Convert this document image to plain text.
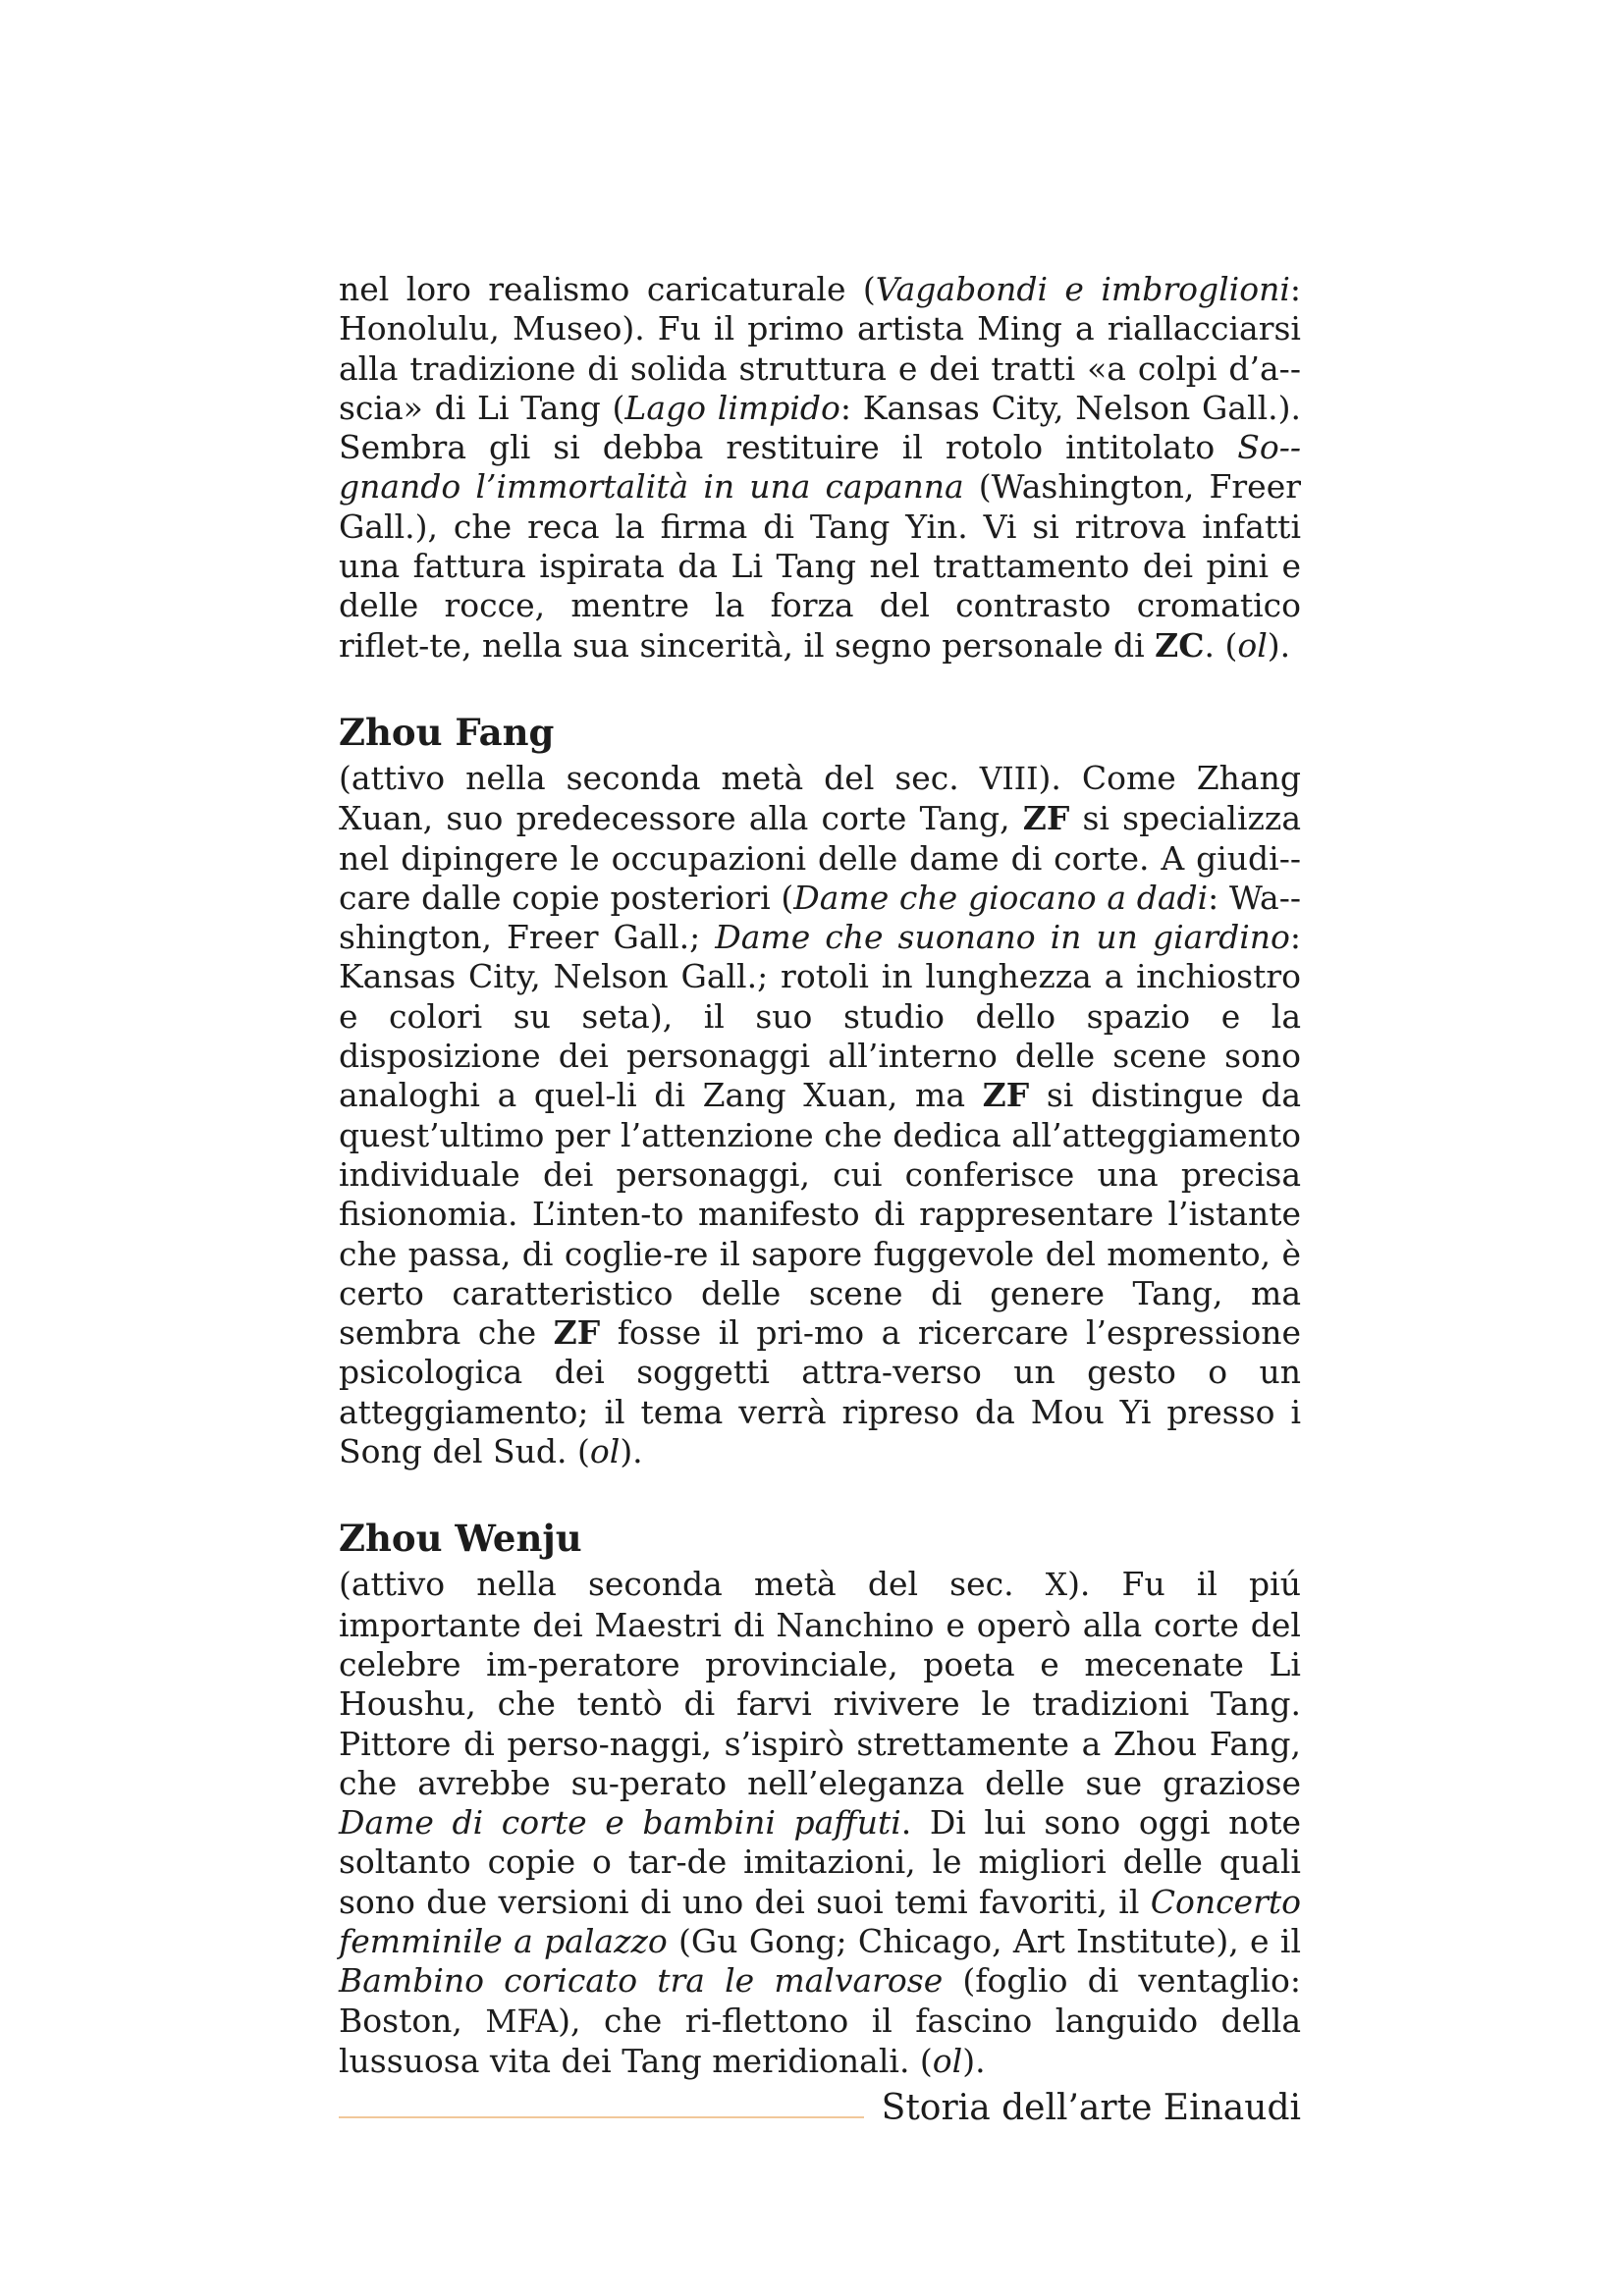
nel loro realismo caricaturale (Vagabondi e imbroglioni: Honolulu, Museo). Fu il primo artista Ming a riallacciarsi alla tradizione di solida struttura e dei tratti «a colpi d’a-scia» di Li Tang (Lago limpido: Kansas City, Nelson Gall.). Sembra gli si debba restituire il rotolo intitolato So-gnando l’immortalità in una capanna (Washington, Freer Gall.), che reca la firma di Tang Yin. Vi si ritrova infatti una fattura ispirata da Li Tang nel trattamento dei pini e delle rocce, mentre la forza del contrasto cromatico riflet-te, nella sua sincerità, il segno personale di ZC. (ol).

Zhou Fang

(attivo nella seconda metà del sec. VIII). Come Zhang Xuan, suo predecessore alla corte Tang, ZF si specializza nel dipingere le occupazioni delle dame di corte. A giudi-care dalle copie posteriori (Dame che giocano a dadi: Wa-shington, Freer Gall.; Dame che suonano in un giardino: Kansas City, Nelson Gall.; rotoli in lunghezza a inchiostro e colori su seta), il suo studio dello spazio e la disposizione dei personaggi all’interno delle scene sono analoghi a quel-li di Zang Xuan, ma ZF si distingue da quest’ultimo per l’attenzione che dedica all’atteggiamento individuale dei personaggi, cui conferisce una precisa fisionomia. L’inten-to manifesto di rappresentare l’istante che passa, di coglie-re il sapore fuggevole del momento, è certo caratteristico delle scene di genere Tang, ma sembra che ZF fosse il pri-mo a ricercare l’espressione psicologica dei soggetti attra-verso un gesto o un atteggiamento; il tema verrà ripreso da Mou Yi presso i Song del Sud. (ol).

Zhou Wenju

(attivo nella seconda metà del sec. X). Fu il piú importante dei Maestri di Nanchino e operò alla corte del celebre im-peratore provinciale, poeta e mecenate Li Houshu, che tentò di farvi rivivere le tradizioni Tang. Pittore di perso-naggi, s’ispirò strettamente a Zhou Fang, che avrebbe su-perato nell’eleganza delle sue graziose Dame di corte e bambini paffuti. Di lui sono oggi note soltanto copie o tar-de imitazioni, le migliori delle quali sono due versioni di uno dei suoi temi favoriti, il Concerto femminile a palazzo (Gu Gong; Chicago, Art Institute), e il Bambino coricato tra le malvarose (foglio di ventaglio: Boston, MFA), che ri-flettono il fascino languido della lussuosa vita dei Tang meridionali. (ol).

Storia dell’arte Einaudi
